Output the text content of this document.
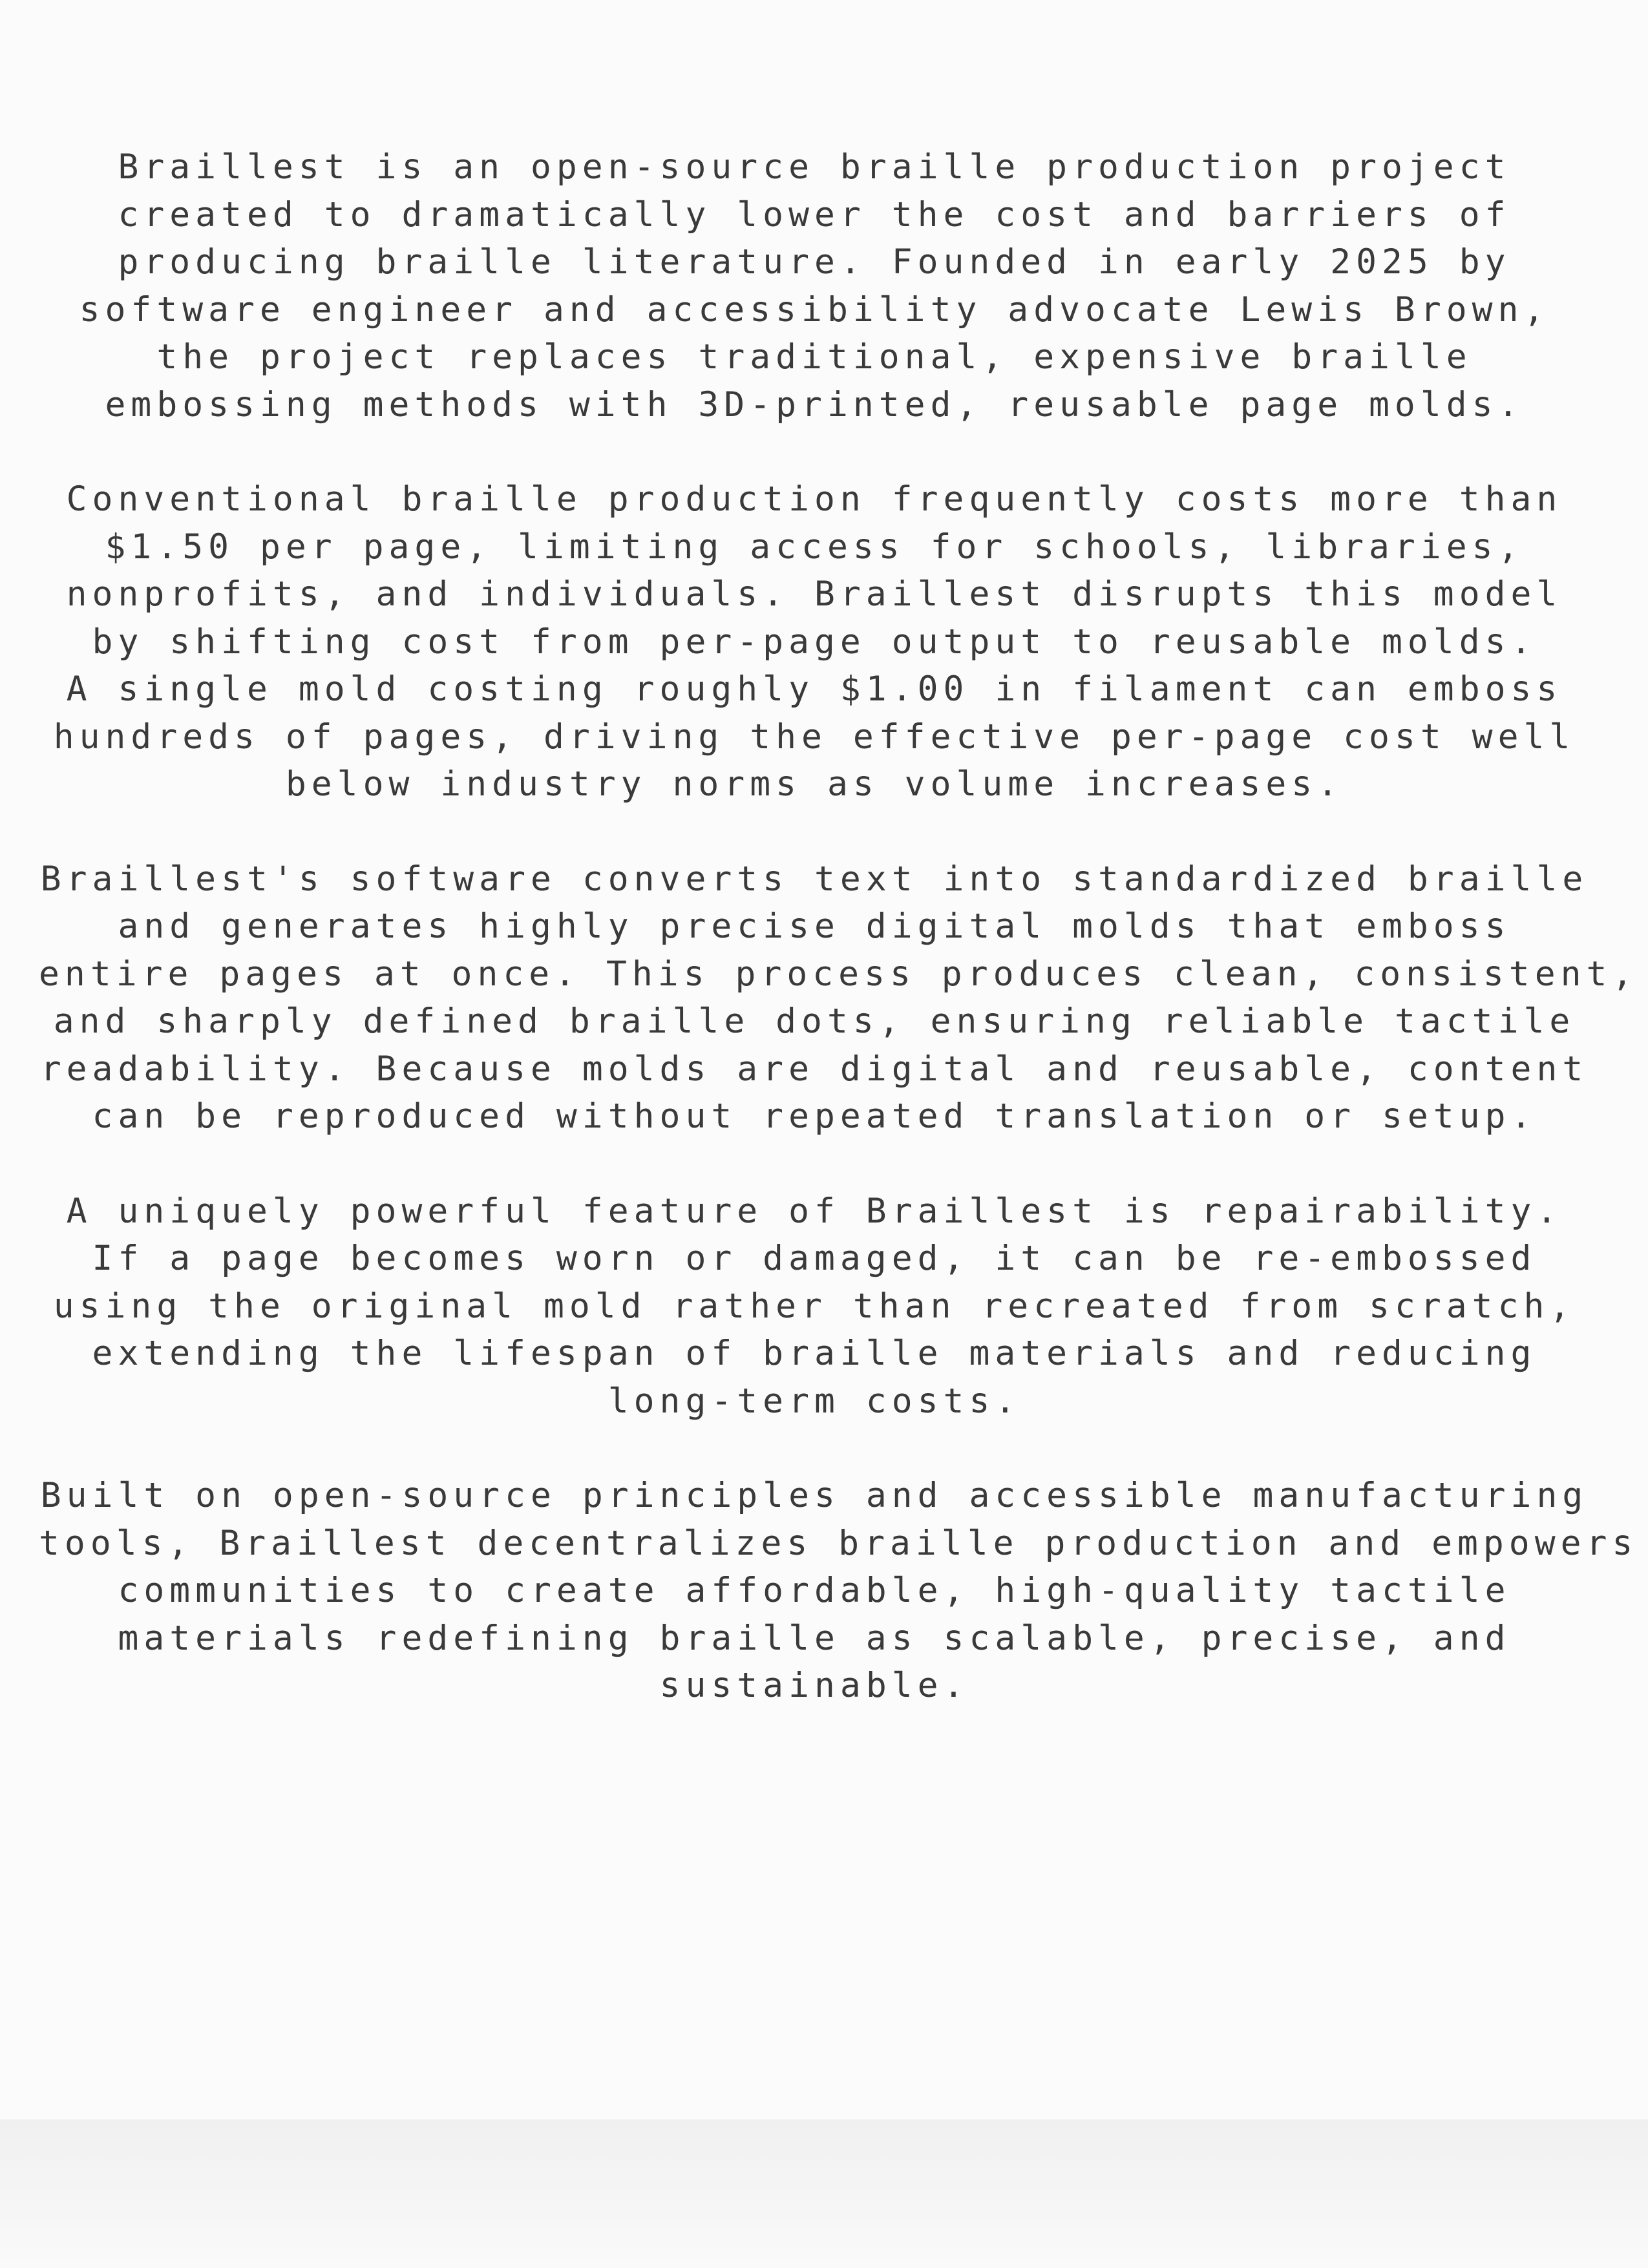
Braillest is an open-source braille production project
created to dramatically lower the cost and barriers of
producing braille literature. Founded in early 2025 by
software engineer and accessibility advocate Lewis Brown,
the project replaces traditional, expensive braille
embossing methods with 3D-printed, reusable page molds.
Conventional braille production frequently costs more than
$1.50 per page, limiting access for schools, libraries,
nonprofits, and individuals. Braillest disrupts this model
by shifting cost from per-page output to reusable molds.
A single mold costing roughly $1.00 in filament can emboss
hundreds of pages, driving the effective per-page cost well
below industry norms as volume increases.
Braillest's software converts text into standardized braille
and generates highly precise digital molds that emboss
entire pages at once. This process produces clean, consistent,
and sharply defined braille dots, ensuring reliable tactile
readability. Because molds are digital and reusable, content
can be reproduced without repeated translation or setup.
A uniquely powerful feature of Braillest is repairability.
If a page becomes worn or damaged, it can be re-embossed
using the original mold rather than recreated from scratch,
extending the lifespan of braille materials and reducing
long-term costs.
Built on open-source principles and accessible manufacturing
tools, Braillest decentralizes braille production and empowers
communities to create affordable, high-quality tactile
materials redefining braille as scalable, precise, and
sustainable.
